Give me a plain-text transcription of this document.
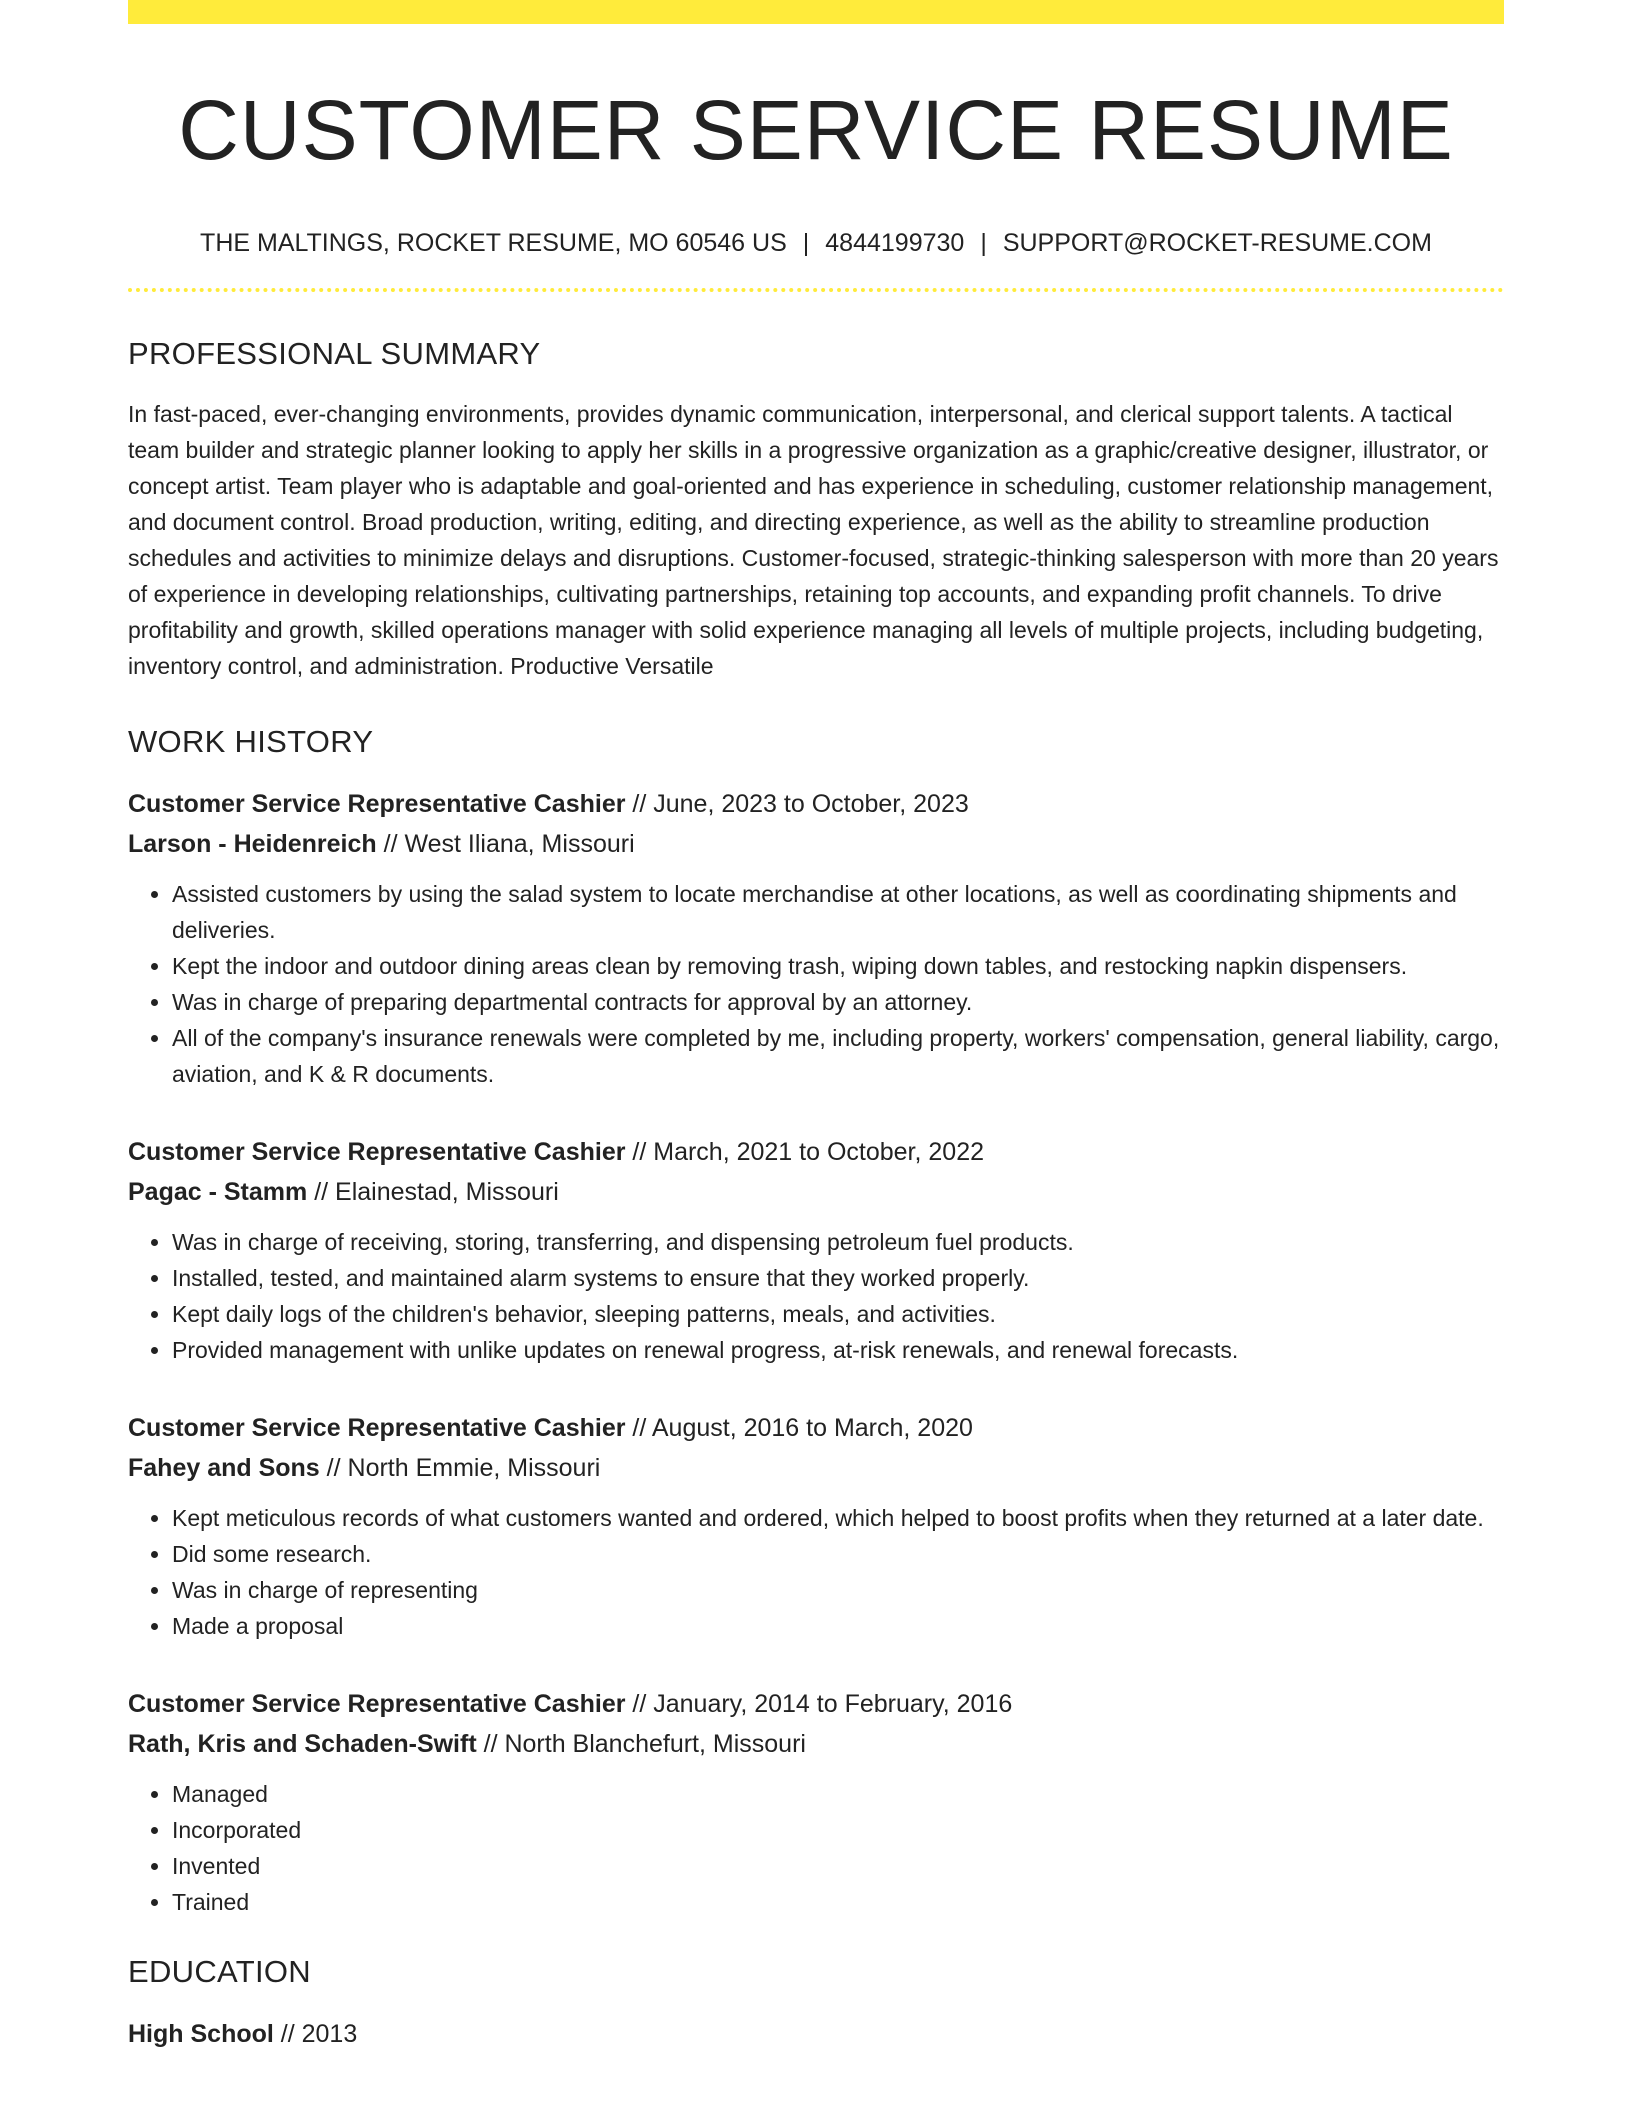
CUSTOMER SERVICE RESUME
THE MALTINGS, ROCKET RESUME, MO 60546 US | 4844199730 | SUPPORT@ROCKET-RESUME.COM
PROFESSIONAL SUMMARY

In fast-paced, ever-changing environments, provides dynamic communication, interpersonal, and clerical support talents. A tactical team builder and strategic planner looking to apply her skills in a progressive organization as a graphic/creative designer, illustrator, or concept artist. Team player who is adaptable and goal-oriented and has experience in scheduling, customer relationship management, and document control. Broad production, writing, editing, and directing experience, as well as the ability to streamline production schedules and activities to minimize delays and disruptions. Customer-focused, strategic-thinking salesperson with more than 20 years of experience in developing relationships, cultivating partnerships, retaining top accounts, and expanding profit channels. To drive profitability and growth, skilled operations manager with solid experience managing all levels of multiple projects, including budgeting, inventory control, and administration. Productive Versatile

WORK HISTORY
Customer Service Representative Cashier // June, 2023 to October, 2023
Larson - Heidenreich // West Iliana, Missouri
• Assisted customers by using the salad system to locate merchandise at other locations, as well as coordinating shipments and deliveries.
• Kept the indoor and outdoor dining areas clean by removing trash, wiping down tables, and restocking napkin dispensers.
• Was in charge of preparing departmental contracts for approval by an attorney.
• All of the company's insurance renewals were completed by me, including property, workers' compensation, general liability, cargo, aviation, and K & R documents.
Customer Service Representative Cashier // March, 2021 to October, 2022
Pagac - Stamm // Elainestad, Missouri
• Was in charge of receiving, storing, transferring, and dispensing petroleum fuel products.
• Installed, tested, and maintained alarm systems to ensure that they worked properly.
• Kept daily logs of the children's behavior, sleeping patterns, meals, and activities.
• Provided management with unlike updates on renewal progress, at-risk renewals, and renewal forecasts.
Customer Service Representative Cashier // August, 2016 to March, 2020
Fahey and Sons // North Emmie, Missouri
• Kept meticulous records of what customers wanted and ordered, which helped to boost profits when they returned at a later date.
• Did some research.
• Was in charge of representing
• Made a proposal
Customer Service Representative Cashier // January, 2014 to February, 2016
Rath, Kris and Schaden-Swift // North Blanchefurt, Missouri
• Managed
• Incorporated
• Invented
• Trained
EDUCATION
High School // 2013
